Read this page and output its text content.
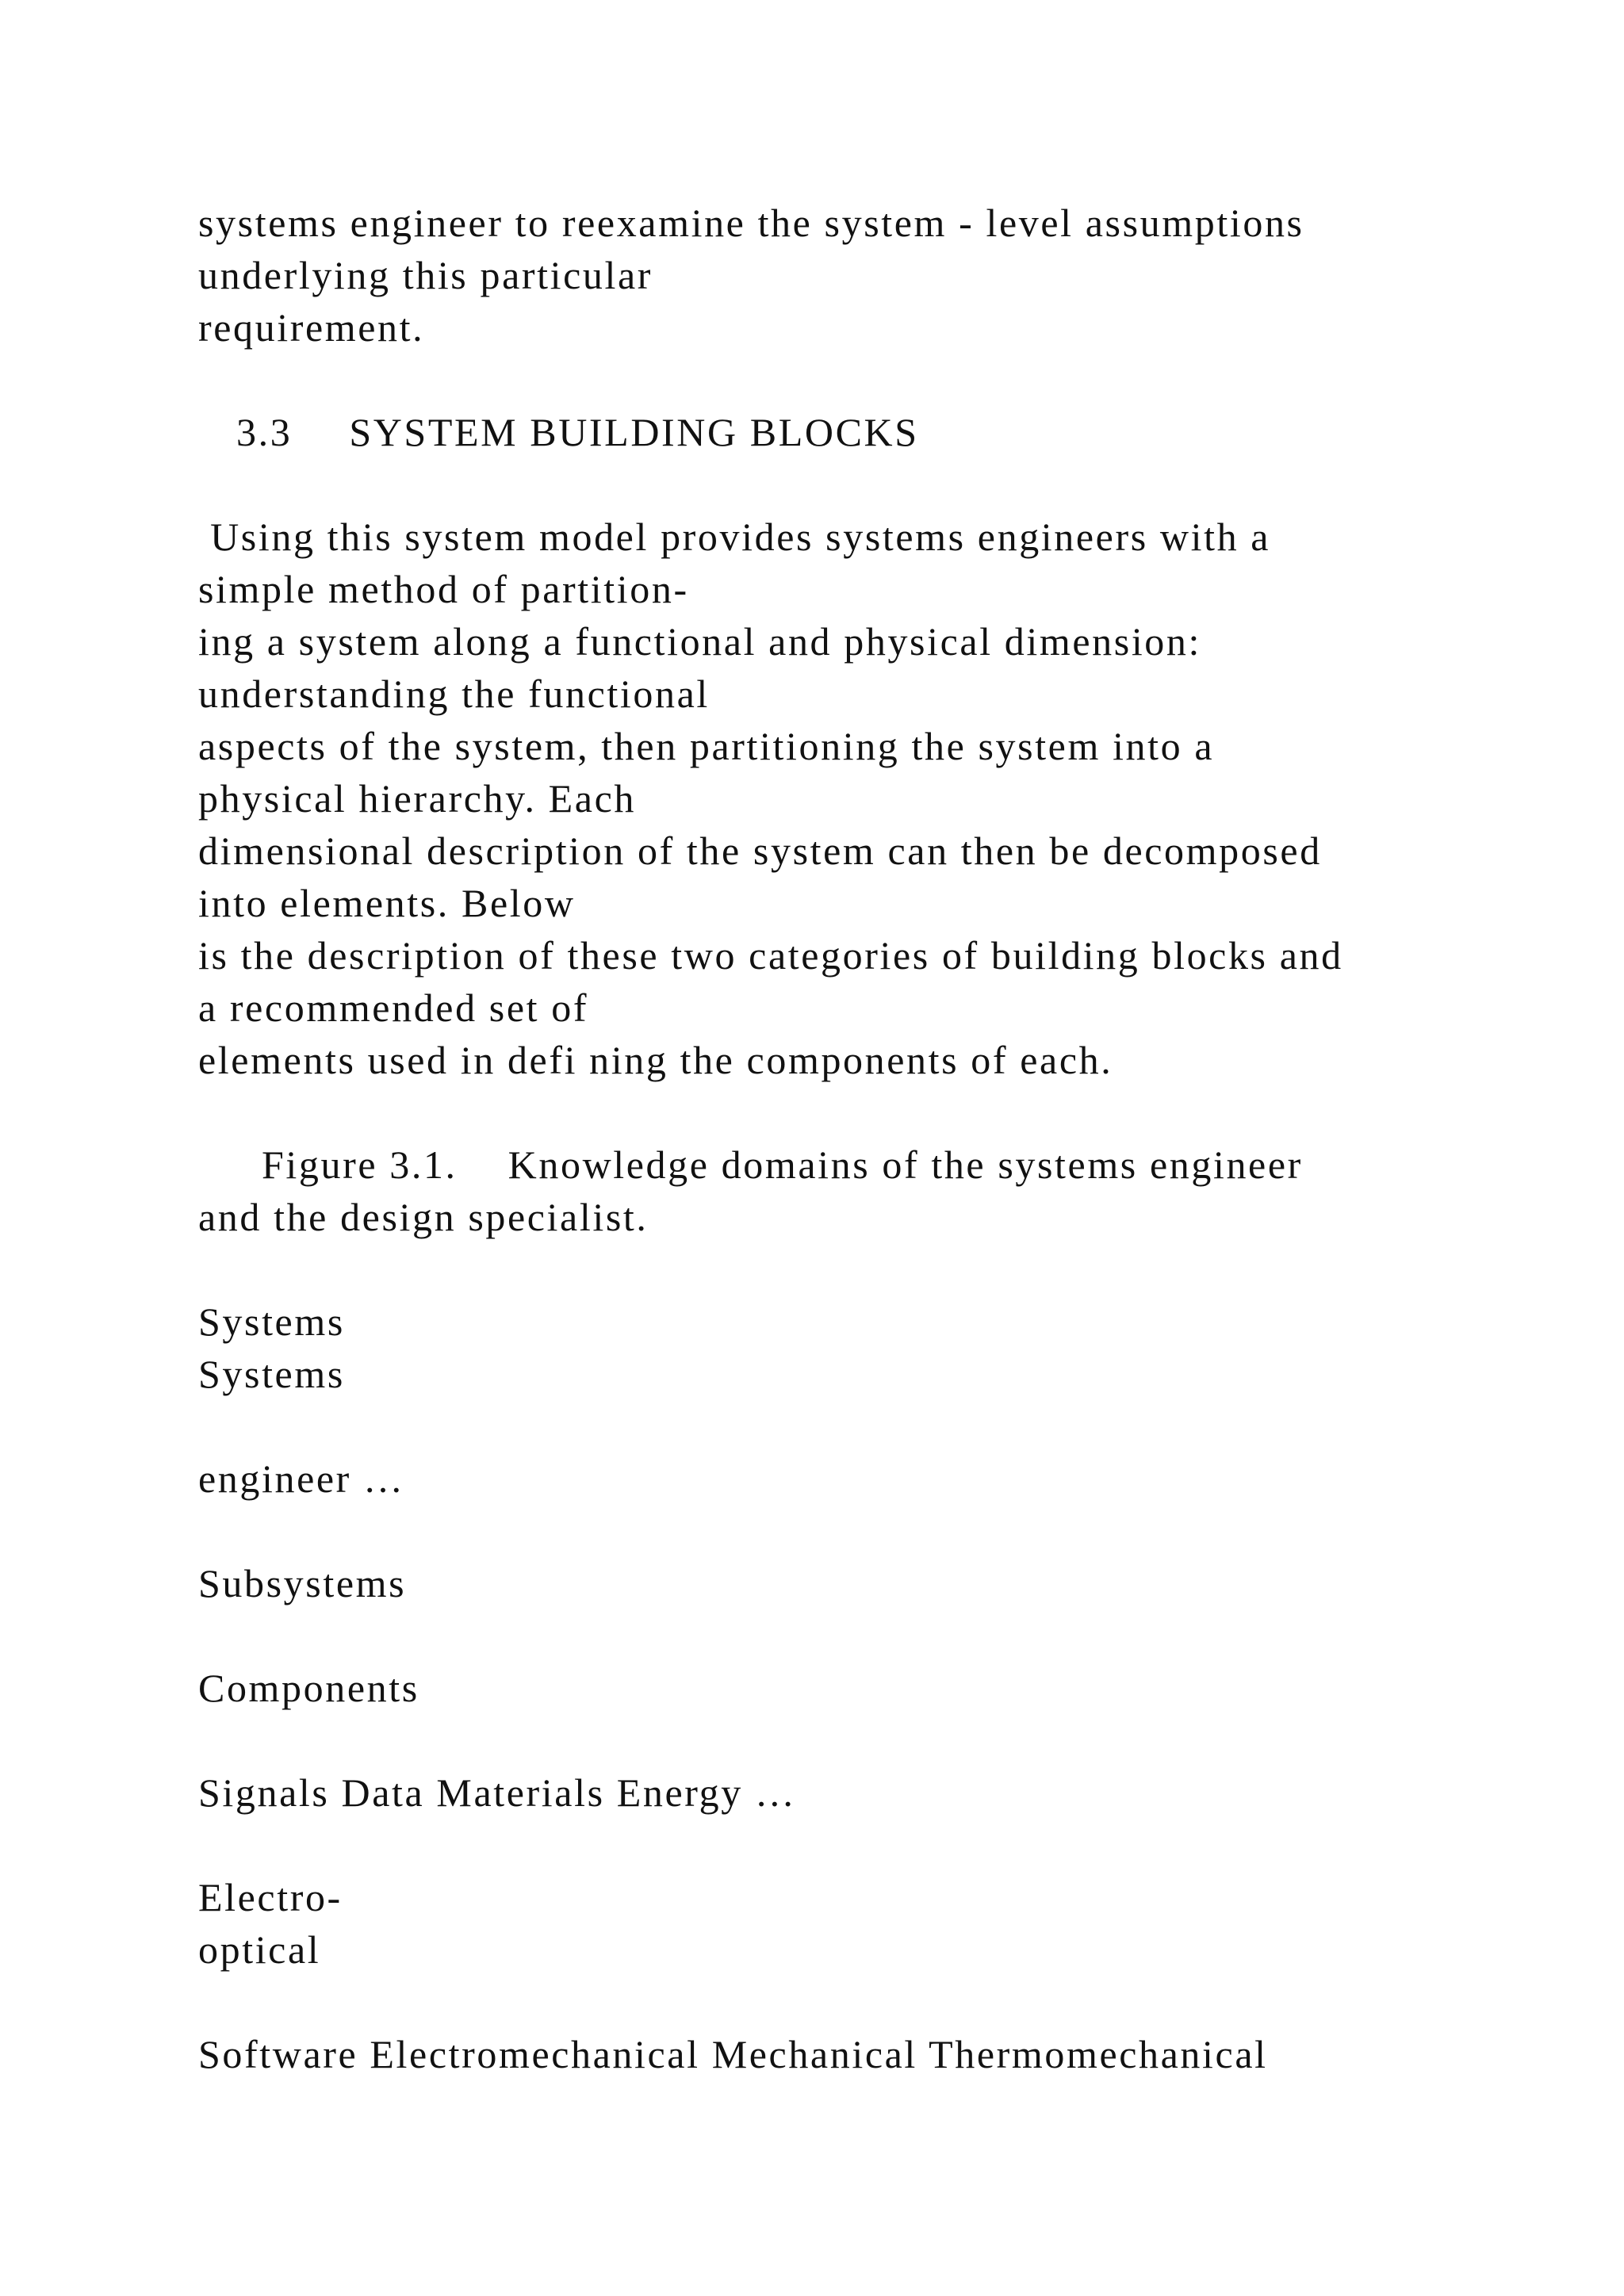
systems engineer to reexamine the system - level assumptions

underlying this particular

requirement.

3.3 SYSTEM BUILDING BLOCKS

Using this system model provides systems engineers with a

simple method of partition-

ing a system along a functional and physical dimension:

understanding the functional

aspects of the system, then partitioning the system into a

physical hierarchy. Each

dimensional description of the system can then be decomposed

into elements. Below

is the description of these two categories of building blocks and

a recommended set of

elements used in defi ning the components of each.

Figure 3.1. Knowledge domains of the systems engineer

and the design specialist.

Systems

Systems

engineer …

Subsystems

Components

Signals Data Materials Energy …

Electro-

optical

Software Electromechanical Mechanical Thermomechanical
